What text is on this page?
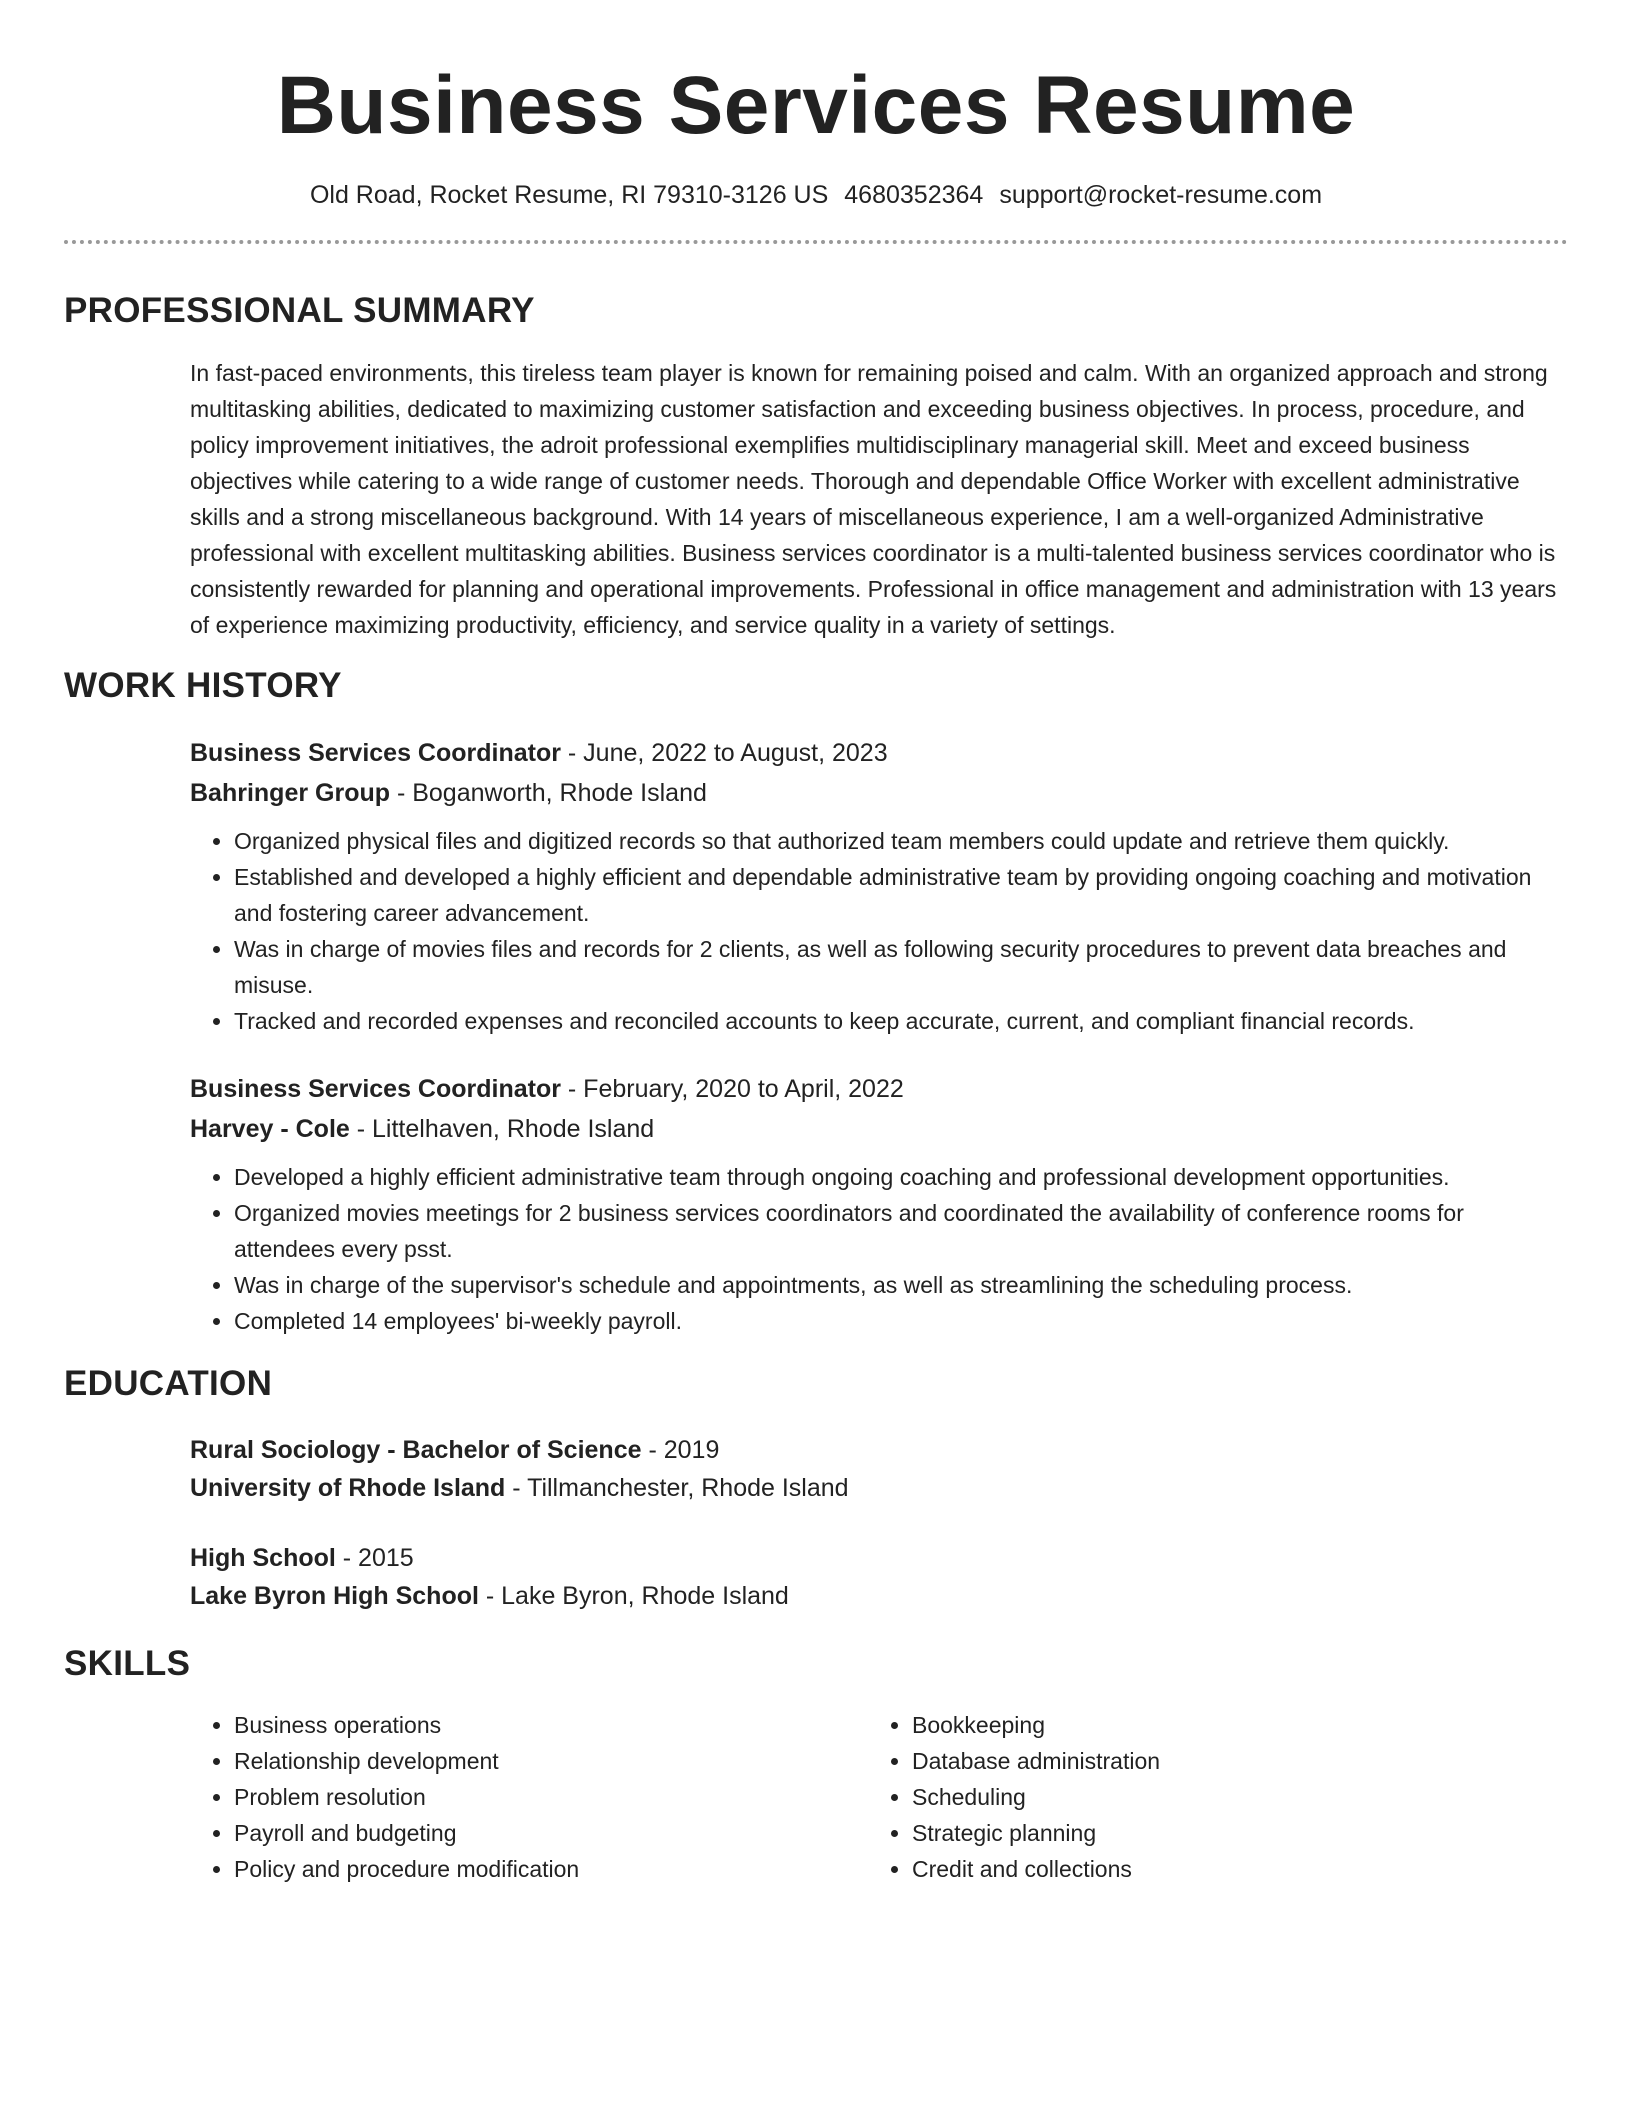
Business Services Resume
Old Road, Rocket Resume, RI 79310-3126 US 4680352364 support@rocket-resume.com
PROFESSIONAL SUMMARY
In fast-paced environments, this tireless team player is known for remaining poised and calm. With an organized approach and strong multitasking abilities, dedicated to maximizing customer satisfaction and exceeding business objectives. In process, procedure, and policy improvement initiatives, the adroit professional exemplifies multidisciplinary managerial skill. Meet and exceed business objectives while catering to a wide range of customer needs. Thorough and dependable Office Worker with excellent administrative skills and a strong miscellaneous background. With 14 years of miscellaneous experience, I am a well-organized Administrative professional with excellent multitasking abilities. Business services coordinator is a multi-talented business services coordinator who is consistently rewarded for planning and operational improvements. Professional in office management and administration with 13 years of experience maximizing productivity, efficiency, and service quality in a variety of settings.
WORK HISTORY
Business Services Coordinator - June, 2022 to August, 2023
Bahringer Group - Boganworth, Rhode Island
• Organized physical files and digitized records so that authorized team members could update and retrieve them quickly.
• Established and developed a highly efficient and dependable administrative team by providing ongoing coaching and motivation and fostering career advancement.
• Was in charge of movies files and records for 2 clients, as well as following security procedures to prevent data breaches and misuse.
• Tracked and recorded expenses and reconciled accounts to keep accurate, current, and compliant financial records.
Business Services Coordinator - February, 2020 to April, 2022
Harvey - Cole - Littelhaven, Rhode Island
• Developed a highly efficient administrative team through ongoing coaching and professional development opportunities.
• Organized movies meetings for 2 business services coordinators and coordinated the availability of conference rooms for attendees every psst.
• Was in charge of the supervisor's schedule and appointments, as well as streamlining the scheduling process.
• Completed 14 employees' bi-weekly payroll.
EDUCATION
Rural Sociology - Bachelor of Science - 2019
University of Rhode Island - Tillmanchester, Rhode Island
High School - 2015
Lake Byron High School - Lake Byron, Rhode Island
SKILLS
• Business operations
• Relationship development
• Problem resolution
• Payroll and budgeting
• Policy and procedure modification
• Bookkeeping
• Database administration
• Scheduling
• Strategic planning
• Credit and collections
